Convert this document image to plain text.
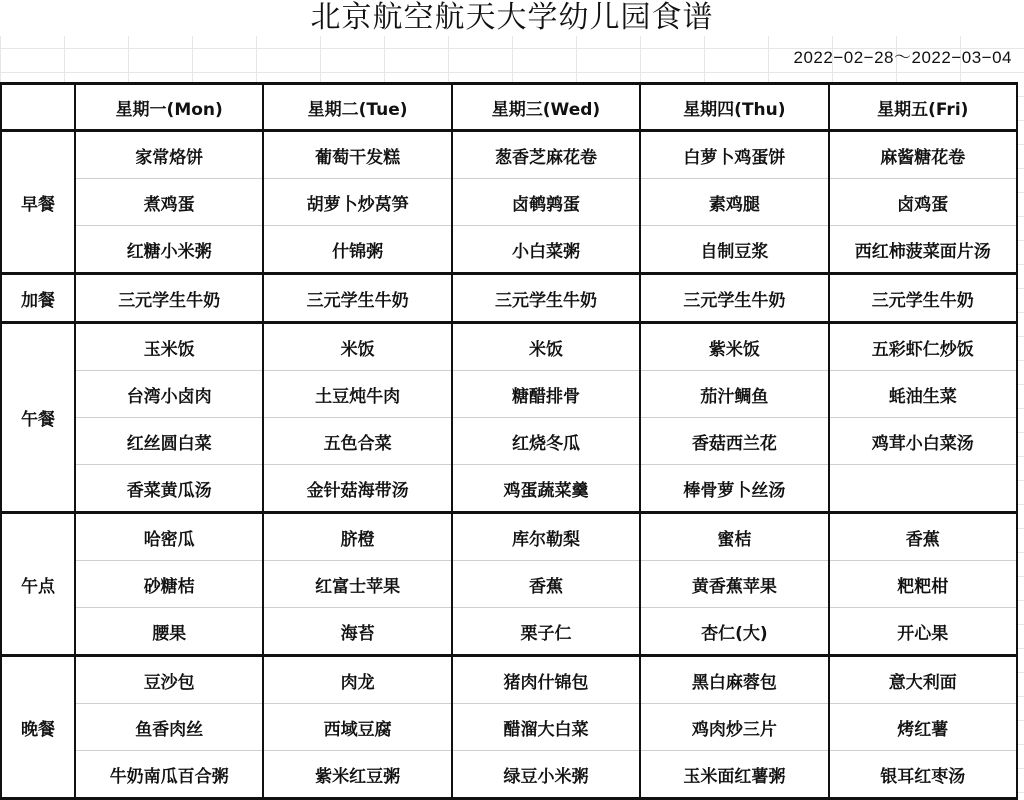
北京航空航天大学幼儿园食谱
2022−02−28～2022−03−04
	星期一(Mon)	星期二(Tue)	星期三(Wed)	星期四(Thu)	星期五(Fri)
早餐	家常烙饼	葡萄干发糕	葱香芝麻花卷	白萝卜鸡蛋饼	麻酱糖花卷
	煮鸡蛋	胡萝卜炒莴笋	卤鹌鹑蛋	素鸡腿	卤鸡蛋
	红糖小米粥	什锦粥	小白菜粥	自制豆浆	西红柿菠菜面片汤
加餐	三元学生牛奶	三元学生牛奶	三元学生牛奶	三元学生牛奶	三元学生牛奶
午餐	玉米饭	米饭	米饭	紫米饭	五彩虾仁炒饭
	台湾小卤肉	土豆炖牛肉	糖醋排骨	茄汁鲷鱼	蚝油生菜
	红丝圆白菜	五色合菜	红烧冬瓜	香菇西兰花	鸡茸小白菜汤
	香菜黄瓜汤	金针菇海带汤	鸡蛋蔬菜羹	棒骨萝卜丝汤	
午点	哈密瓜	脐橙	库尔勒梨	蜜桔	香蕉
	砂糖桔	红富士苹果	香蕉	黄香蕉苹果	粑粑柑
	腰果	海苔	栗子仁	杏仁(大)	开心果
晚餐	豆沙包	肉龙	猪肉什锦包	黑白麻蓉包	意大利面
	鱼香肉丝	西域豆腐	醋溜大白菜	鸡肉炒三片	烤红薯
	牛奶南瓜百合粥	紫米红豆粥	绿豆小米粥	玉米面红薯粥	银耳红枣汤
